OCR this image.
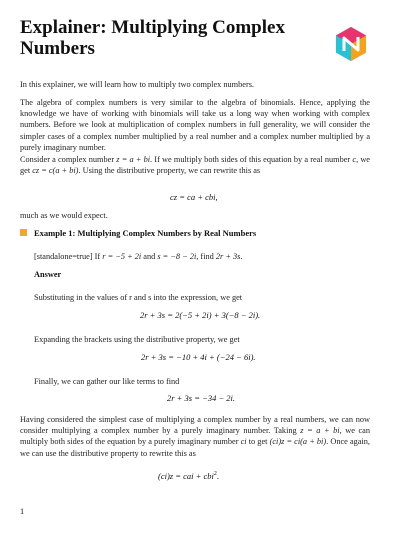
Explainer: Multiplying Complex Numbers

In this explainer, we will learn how to multiply two complex numbers.

The algebra of complex numbers is very similar to the algebra of binomials. Hence, applying the knowledge we have of working with binomials will take us a long way when working with complex numbers. Before we look at multiplication of complex numbers in full generality, we will consider the simpler cases of a complex number multiplied by a real number and a complex number multiplied by a purely imaginary number.

Consider a complex number z = a + bi. If we multiply both sides of this equation by a real number c, we get cz = c(a + bi). Using the distributive property, we can rewrite this as

cz = ca + cbi,

much as we would expect.

Example 1: Multiplying Complex Numbers by Real Numbers

[standalone=true] If r = −5 + 2i and s = −8 − 2i, find 2r + 3s.

Answer

Substituting in the values of r and s into the expression, we get

2r + 3s = 2(−5 + 2i) + 3(−8 − 2i).

Expanding the brackets using the distributive property, we get

2r + 3s = −10 + 4i + (−24 − 6i).

Finally, we can gather our like terms to find

2r + 3s = −34 − 2i.

Having considered the simplest case of multiplying a complex number by a real numbers, we can now consider multiplying a complex number by a purely imaginary number. Taking z = a + bi, we can multiply both sides of the equation by a purely imaginary number ci to get (ci)z = ci(a + bi). Once again, we can use the distributive property to rewrite this as

(ci)z = cai + cbi$^2$.
1
